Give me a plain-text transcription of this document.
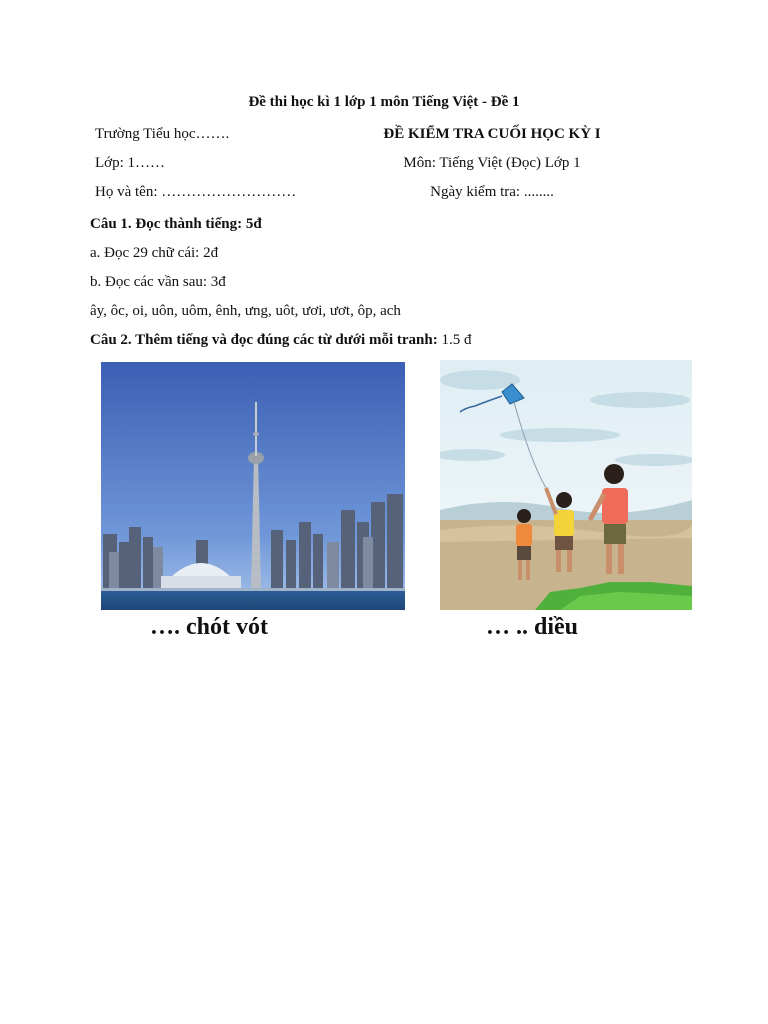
Đề thi học kì 1 lớp 1 môn Tiếng Việt - Đề 1
Trường Tiểu học…….	ĐỀ KIỂM TRA CUỐI HỌC KỲ I
Lớp: 1……	Môn: Tiếng Việt (Đọc) Lớp 1
Họ và tên: ………………………	Ngày kiểm tra: ........
Câu 1. Đọc thành tiếng: 5đ
a. Đọc 29 chữ cái: 2đ
b. Đọc các vần sau: 3đ
ây, ôc, oi, uôn, uôm, ênh, ưng, uôt, ươi, ươt, ôp, ach
Câu 2. Thêm tiếng và đọc đúng các từ dưới mỗi tranh: 1.5 đ
…. chót vót	… .. diều
